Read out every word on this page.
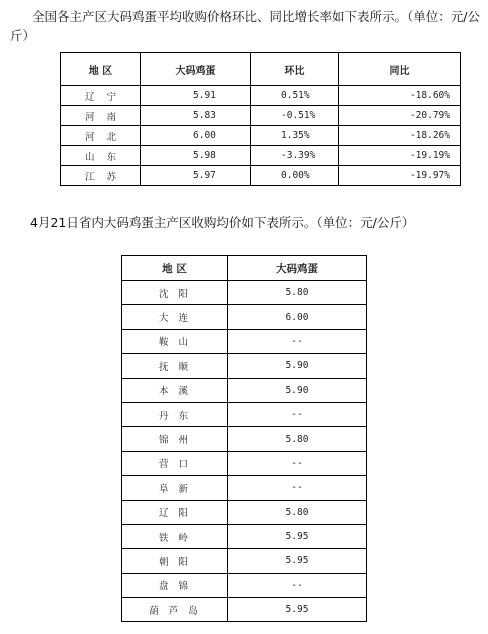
全国各主产区大码鸡蛋平均收购价格环比、同比增长率如下表所示。（单位：元/公斤）
地 区	大码鸡蛋	环比	同比
辽宁	5.91	0.51%	-18.60%
河南	5.83	-0.51%	-20.79%
河北	6.00	1.35%	-18.26%
山东	5.98	-3.39%	-19.19%
江苏	5.97	0.00%	-19.97%
4月21日省内大码鸡蛋主产区收购均价如下表所示。（单位：元/公斤）
地 区	大码鸡蛋
沈阳	5.80
大连	6.00
鞍山	--
抚顺	5.90
本溪	5.90
丹东	--
锦州	5.80
营口	--
阜新	--
辽阳	5.80
铁岭	5.95
朝阳	5.95
盘锦	--
葫芦岛	5.95
